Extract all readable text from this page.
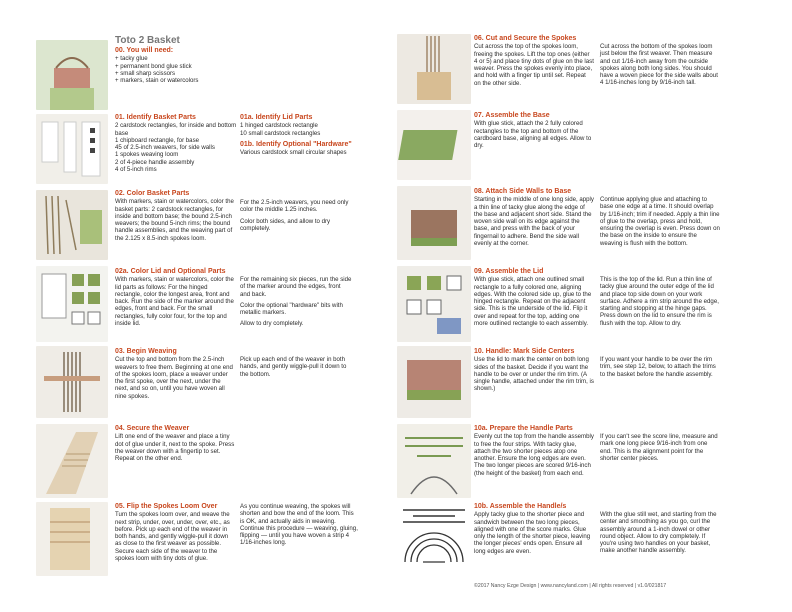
Toto 2 Basket

00. You will need:

+ tacky glue

+ permanent bond glue stick

+ small sharp scissors

+ markers, stain or watercolors

01. Identify Basket Parts

2 cardstock rectangles, for inside and bottom base

1 chipboard rectangle, for base

45 of 2.5-inch weavers, for side walls

1 spokes weaving loom

2 of 4-piece handle assembly

4 of 5-inch rims

01a. Identify Lid Parts

1 hinged cardstock rectangle

10 small cardstock rectangles

01b. Identify Optional "Hardware"

Various cardstock small circular shapes

02. Color Basket Parts

With markers, stain or watercolors, color the basket parts: 2 cardstock rectangles, for inside and bottom base; the bound 2.5-inch weavers; the bound 5-inch rims; the bound handle assemblies, and the weaving part of the 2.125 x 8.5-inch spokes loom.

For the 2.5-inch weavers, you need only color the middle 1.25 inches.

Color both sides, and allow to dry completely.

02a. Color Lid and Optional Parts

With markers, stain or watercolors, color the lid parts as follows: For the hinged rectangle, color the longest area, front and back. Run the side of the marker around the edges, front and back. For the small rectangles, fully color four, for the top and inside lid.

For the remaining six pieces, run the side of the marker around the edges, front and back.

Color the optional "hardware" bits with metallic markers.

Allow to dry completely.

03. Begin Weaving

Cut the top and bottom from the 2.5-inch weavers to free them. Beginning at one end of the spokes loom, place a weaver under the first spoke, over the next, under the next, and so on, until you have woven all nine spokes.

Pick up each end of the weaver in both hands, and gently wiggle-pull it down to the bottom.

04. Secure the Weaver

Lift one end of the weaver and place a tiny dot of glue under it, next to the spoke. Press the weaver down with a fingertip to set. Repeat on the other end.

05. Flip the Spokes Loom Over

Turn the spokes loom over, and weave the next strip, under, over, under, over, etc., as before. Pick up each end of the weaver in both hands, and gently wiggle-pull it down as close to the first weaver as possible. Secure each side of the weaver to the spokes loom with tiny dots of glue.

As you continue weaving, the spokes will shorten and bow the end of the loom. This is OK, and actually aids in weaving. Continue this procedure — weaving, gluing, flipping — until you have woven a strip 4 1/16-inches long.

06. Cut and Secure the Spokes

Cut across the top of the spokes loom, freeing the spokes. Lift the top ones (either 4 or 5) and place tiny dots of glue on the last weaver. Press the spokes evenly into place, and hold with a finger tip until set. Repeat on the other side.

Cut across the bottom of the spokes loom just below the first weaver. Then measure and cut 1/16-inch away from the outside spokes along both long sides. You should have a woven piece for the side walls about 4 1/16-inches long by 9/16-inch tall.

07. Assemble the Base

With glue stick, attach the 2 fully colored rectangles to the top and bottom of the cardboard base, aligning all edges. Allow to dry.

08. Attach Side Walls to Base

Starting in the middle of one long side, apply a thin line of tacky glue along the edge of the base and adjacent short side. Stand the woven side wall on its edge against the base, and press with the back of your fingernail to adhere. Bend the side wall evenly at the corner.

Continue applying glue and attaching to base one edge at a time. It should overlap by 1/16-inch; trim if needed. Apply a thin line of glue to the overlap, press and hold, ensuring the overlap is even. Press down on the base on the inside to ensure the weaving is flush with the bottom.

09. Assemble the Lid

With glue stick, attach one outlined small rectangle to a fully colored one, aligning edges. With the colored side up, glue to the hinged rectangle. Repeat on the adjacent side. This is the underside of the lid. Flip it over and repeat for the top, adding one more outlined rectangle to each assembly.

This is the top of the lid. Run a thin line of tacky glue around the outer edge of the lid and place top side down on your work surface. Adhere a rim strip around the edge, starting and stopping at the hinge gaps. Press down on the lid to ensure the rim is flush with the top. Allow to dry.

10. Handle: Mark Side Centers

Use the lid to mark the center on both long sides of the basket. Decide if you want the handle to be over or under the rim trim. (A single handle, attached under the rim trim, is shown.)

If you want your handle to be over the rim trim, see step 12, below, to attach the trims to the basket before the handle assembly.

10a. Prepare the Handle Parts

Evenly cut the top from the handle assembly to free the four strips. With tacky glue, attach the two shorter pieces atop one another. Ensure the long edges are even. The two longer pieces are scored 9/16-inch (the height of the basket) from each end.

If you can't see the score line, measure and mark one long piece 9/16-inch from one end. This is the alignment point for the shorter center pieces.

10b. Assemble the Handle/s

Apply tacky glue to the shorter piece and sandwich between the two long pieces, aligned with one of the score marks. Glue only the length of the shorter piece, leaving the longer pieces' ends open. Ensure all long edges are even.

With the glue still wet, and starting from the center and smoothing as you go, curl the assembly around a 1-inch dowel or other round object. Allow to dry completely. If you're using two handles on your basket, make another handle assembly.

©2017 Nancy Ezge Design | www.nancyland.com | All rights reserved | v1.0/021817
